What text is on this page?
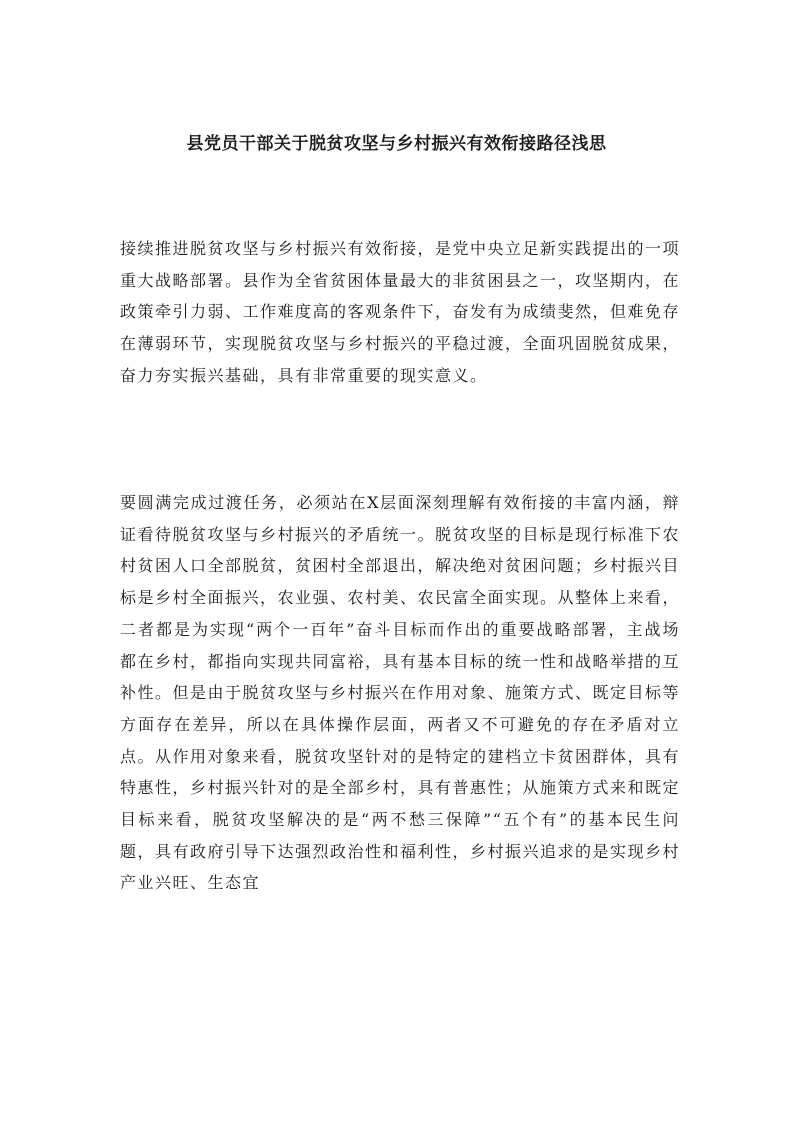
县党员干部关于脱贫攻坚与乡村振兴有效衔接路径浅思

接续推进脱贫攻坚与乡村振兴有效衔接，是党中央立足新实践提出的一项重大战略部署。县作为全省贫困体量最大的非贫困县之一，攻坚期内，在政策牵引力弱、工作难度高的客观条件下，奋发有为成绩斐然，但难免存在薄弱环节，实现脱贫攻坚与乡村振兴的平稳过渡，全面巩固脱贫成果，奋力夯实振兴基础，具有非常重要的现实意义。

要圆满完成过渡任务，必须站在X层面深刻理解有效衔接的丰富内涵，辩证看待脱贫攻坚与乡村振兴的矛盾统一。脱贫攻坚的目标是现行标准下农村贫困人口全部脱贫，贫困村全部退出，解决绝对贫困问题；乡村振兴目标是乡村全面振兴，农业强、农村美、农民富全面实现。从整体上来看，二者都是为实现“两个一百年”奋斗目标而作出的重要战略部署，主战场都在乡村，都指向实现共同富裕，具有基本目标的统一性和战略举措的互补性。但是由于脱贫攻坚与乡村振兴在作用对象、施策方式、既定目标等方面存在差异，所以在具体操作层面，两者又不可避免的存在矛盾对立点。从作用对象来看，脱贫攻坚针对的是特定的建档立卡贫困群体，具有特惠性，乡村振兴针对的是全部乡村，具有普惠性；从施策方式来和既定目标来看，脱贫攻坚解决的是“两不愁三保障”“五个有”的基本民生问题，具有政府引导下达强烈政治性和福利性，乡村振兴追求的是实现乡村产业兴旺、生态宜
